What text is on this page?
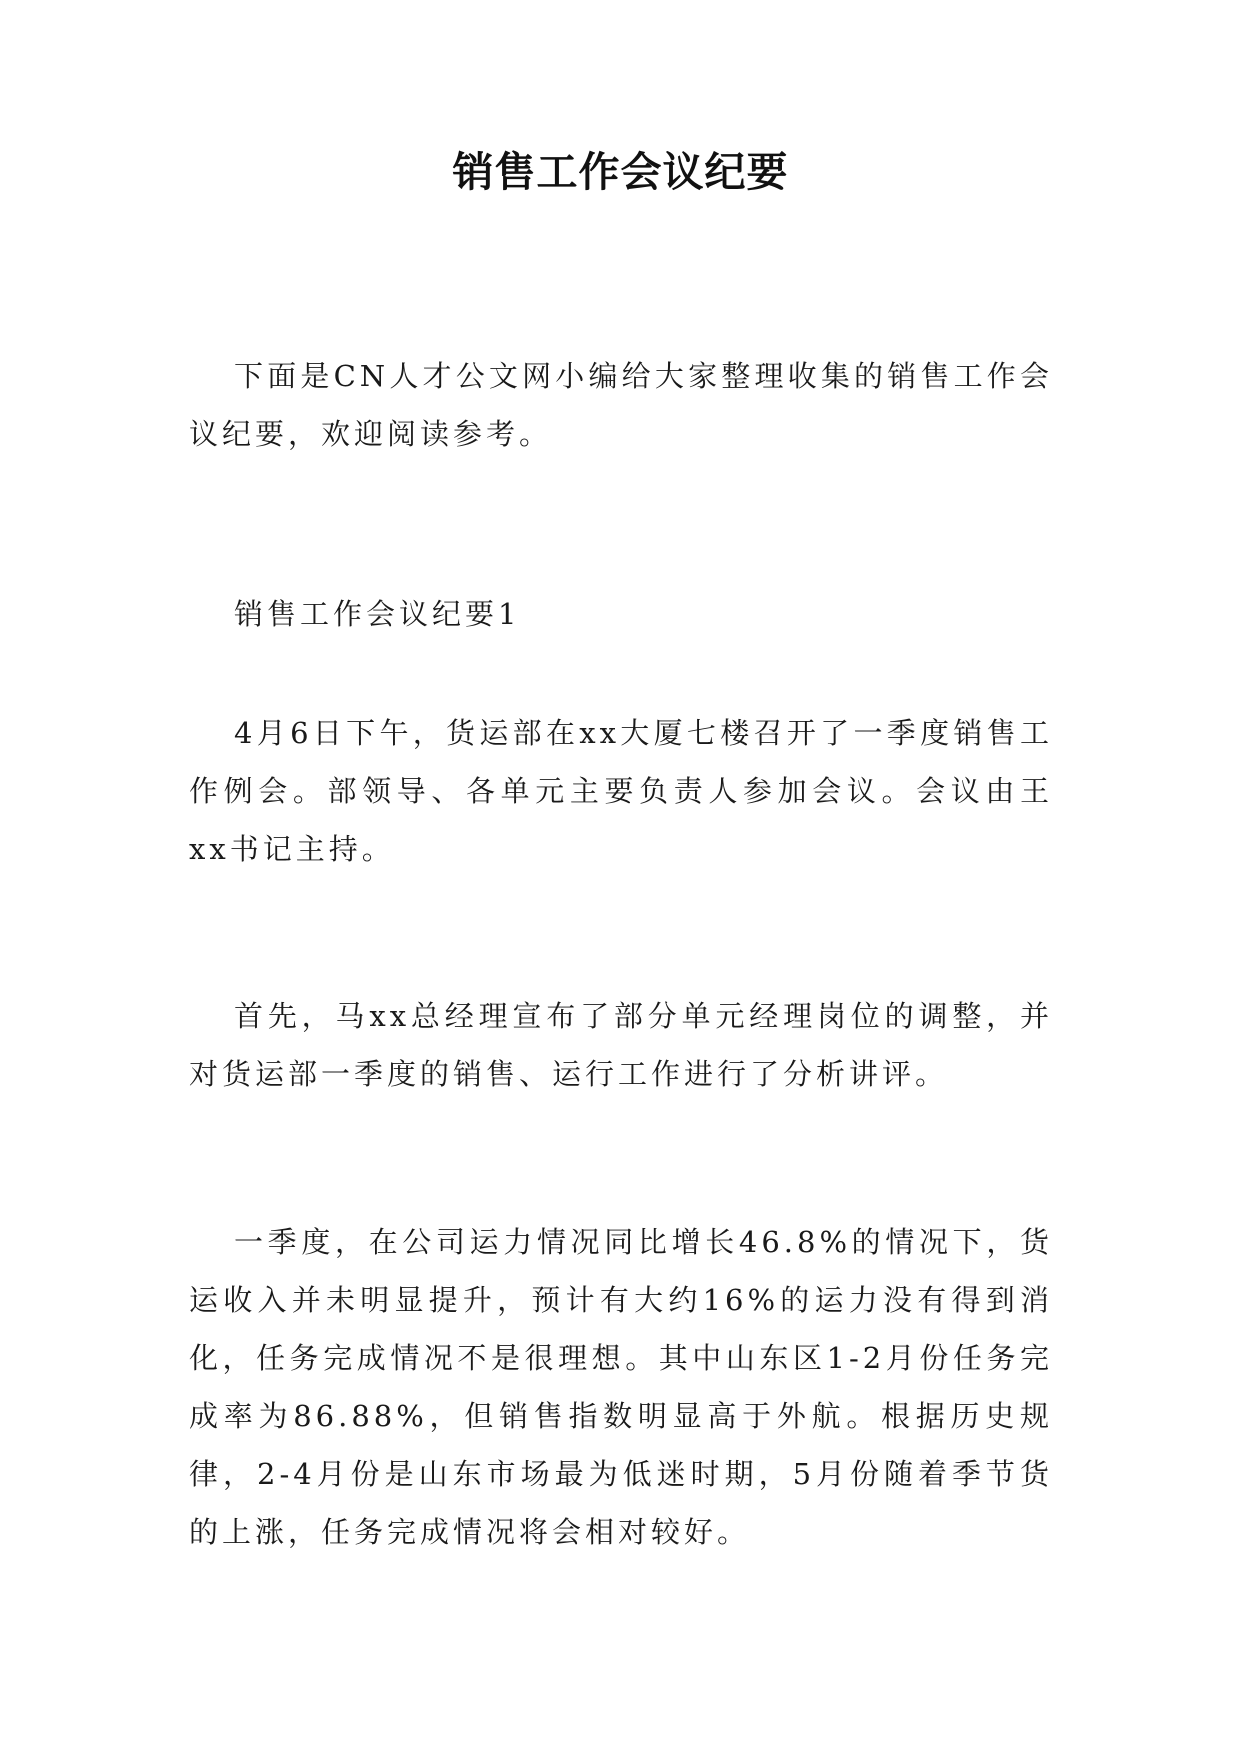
销售工作会议纪要

下面是CN人才公文网小编给大家整理收集的销售工作会议纪要，欢迎阅读参考。

销售工作会议纪要1

4月6日下午，货运部在xx大厦七楼召开了一季度销售工作例会。部领导、各单元主要负责人参加会议。会议由王xx书记主持。

首先，马xx总经理宣布了部分单元经理岗位的调整，并对货运部一季度的销售、运行工作进行了分析讲评。

一季度，在公司运力情况同比增长46.8%的情况下，货运收入并未明显提升，预计有大约16%的运力没有得到消化，任务完成情况不是很理想。其中山东区1-2月份任务完成率为86.88%，但销售指数明显高于外航。根据历史规律，2-4月份是山东市场最为低迷时期，5月份随着季节货的上涨，任务完成情况将会相对较好。
